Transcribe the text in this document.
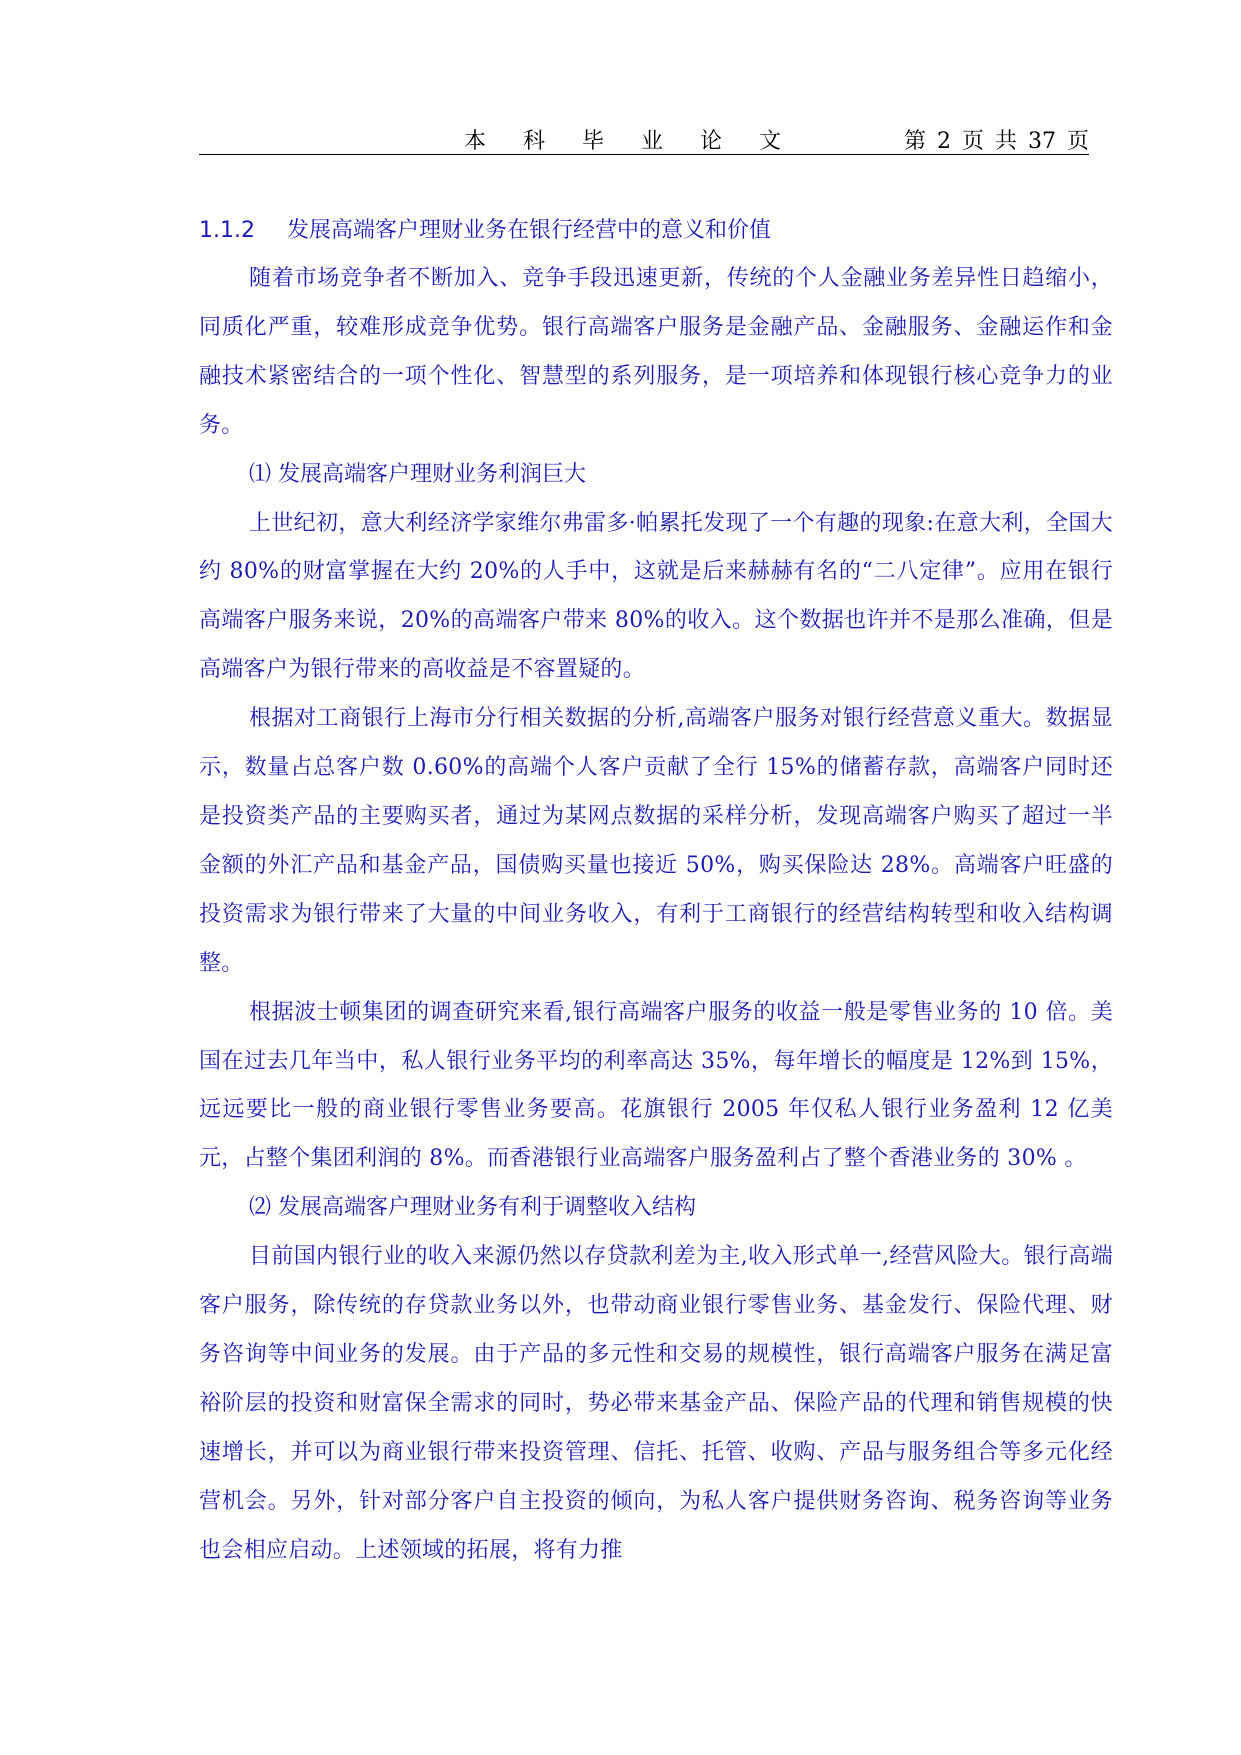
本 科 毕 业 论 文	第 2 页 共 37 页
1.1.2 发展高端客户理财业务在银行经营中的意义和价值

随着市场竞争者不断加入、竞争手段迅速更新，传统的个人金融业务差异性日趋缩小，同质化严重，较难形成竞争优势。银行高端客户服务是金融产品、金融服务、金融运作和金融技术紧密结合的一项个性化、智慧型的系列服务，是一项培养和体现银行核心竞争力的业务。

⑴ 发展高端客户理财业务利润巨大

上世纪初，意大利经济学家维尔弗雷多·帕累托发现了一个有趣的现象:在意大利，全国大约 80%的财富掌握在大约 20%的人手中，这就是后来赫赫有名的“二八定律”。应用在银行高端客户服务来说，20%的高端客户带来 80%的收入。这个数据也许并不是那么准确，但是高端客户为银行带来的高收益是不容置疑的。

根据对工商银行上海市分行相关数据的分析,高端客户服务对银行经营意义重大。数据显示，数量占总客户数 0.60%的高端个人客户贡献了全行 15%的储蓄存款，高端客户同时还是投资类产品的主要购买者，通过为某网点数据的采样分析，发现高端客户购买了超过一半金额的外汇产品和基金产品，国债购买量也接近 50%，购买保险达 28%。高端客户旺盛的投资需求为银行带来了大量的中间业务收入，有利于工商银行的经营结构转型和收入结构调整。

根据波士顿集团的调查研究来看,银行高端客户服务的收益一般是零售业务的 10 倍。美国在过去几年当中，私人银行业务平均的利率高达 35%，每年增长的幅度是 12%到 15%，远远要比一般的商业银行零售业务要高。花旗银行 2005 年仅私人银行业务盈利 12 亿美元，占整个集团利润的 8%。而香港银行业高端客户服务盈利占了整个香港业务的 30% 。

⑵ 发展高端客户理财业务有利于调整收入结构

目前国内银行业的收入来源仍然以存贷款利差为主,收入形式单一,经营风险大。银行高端客户服务，除传统的存贷款业务以外，也带动商业银行零售业务、基金发行、保险代理、财务咨询等中间业务的发展。由于产品的多元性和交易的规模性，银行高端客户服务在满足富裕阶层的投资和财富保全需求的同时，势必带来基金产品、保险产品的代理和销售规模的快速增长，并可以为商业银行带来投资管理、信托、托管、收购、产品与服务组合等多元化经营机会。另外，针对部分客户自主投资的倾向，为私人客户提供财务咨询、税务咨询等业务也会相应启动。上述领域的拓展，将有力推
